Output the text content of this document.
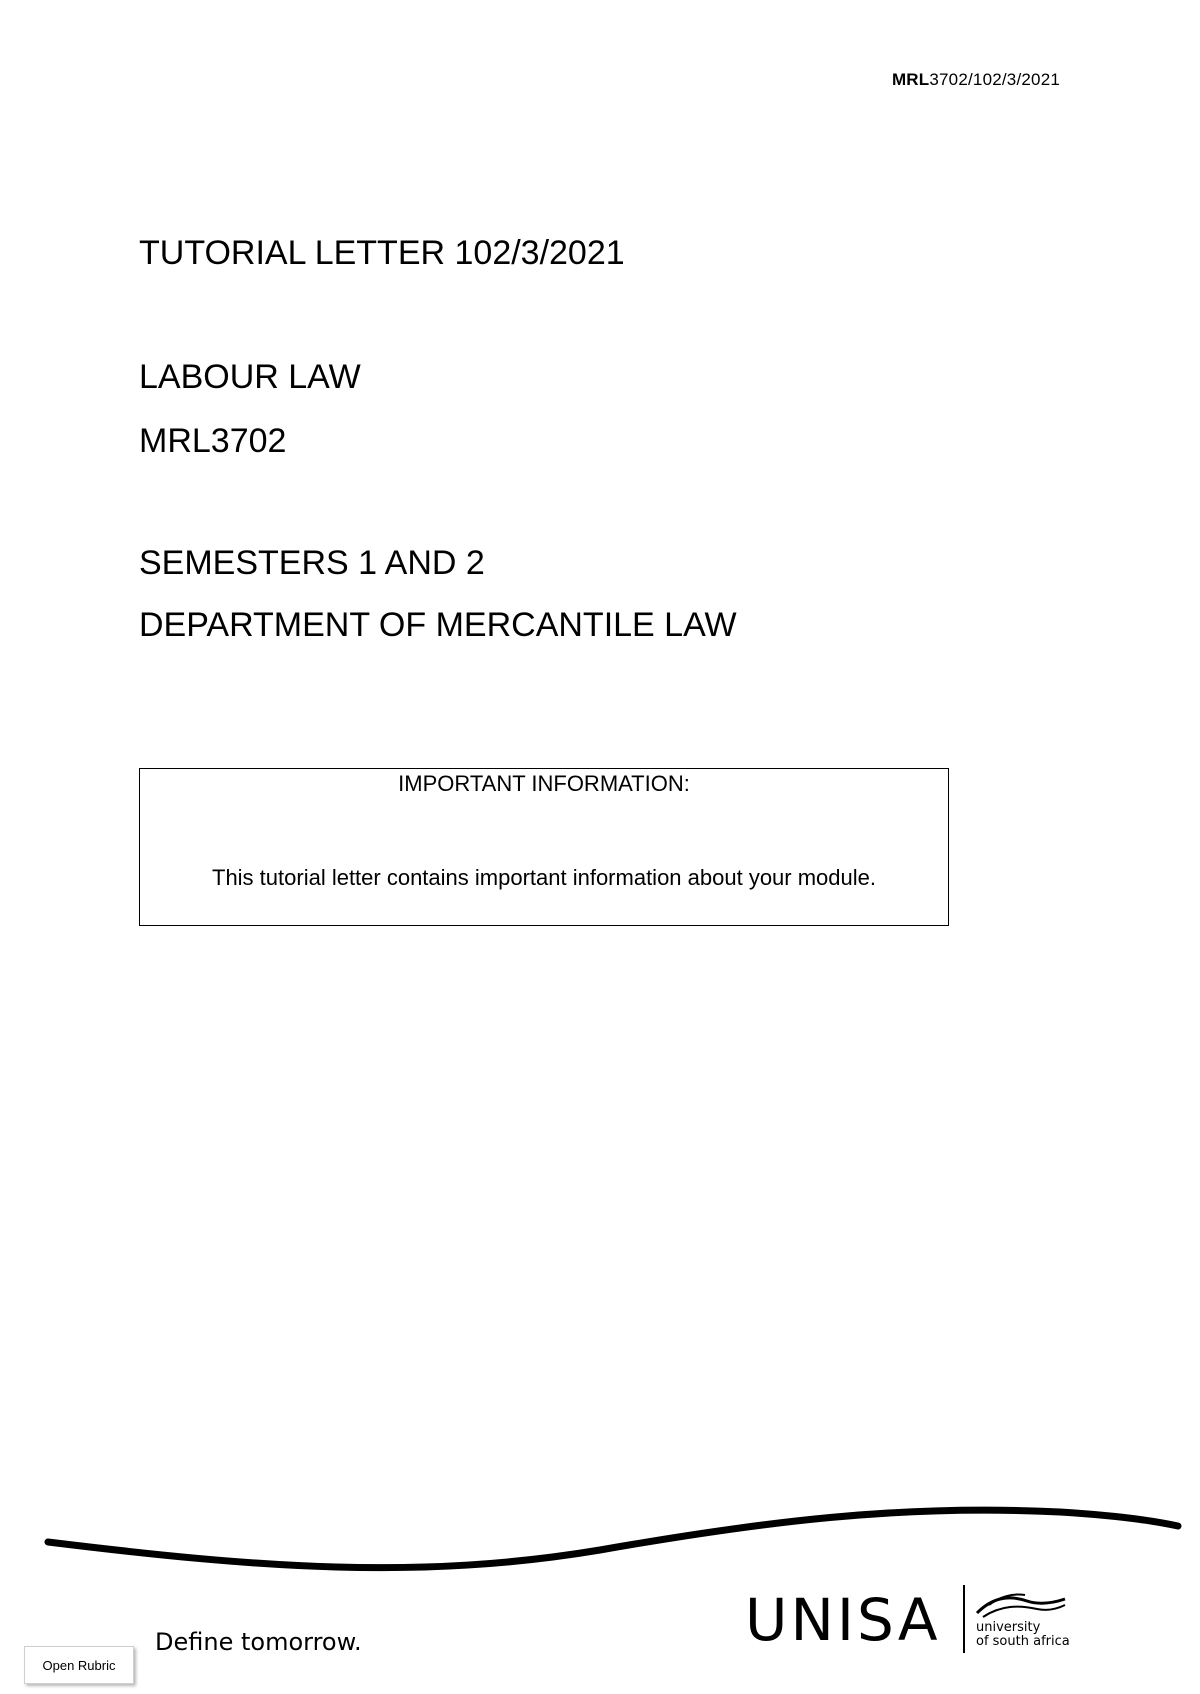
MRL3702/102/3/2021
TUTORIAL LETTER 102/3/2021
LABOUR LAW
MRL3702
SEMESTERS 1 AND 2
DEPARTMENT OF MERCANTILE LAW
IMPORTANT INFORMATION:
This tutorial letter contains important information about your module.
Define tomorrow.	UNISA	university
of south africa
Open Rubric
